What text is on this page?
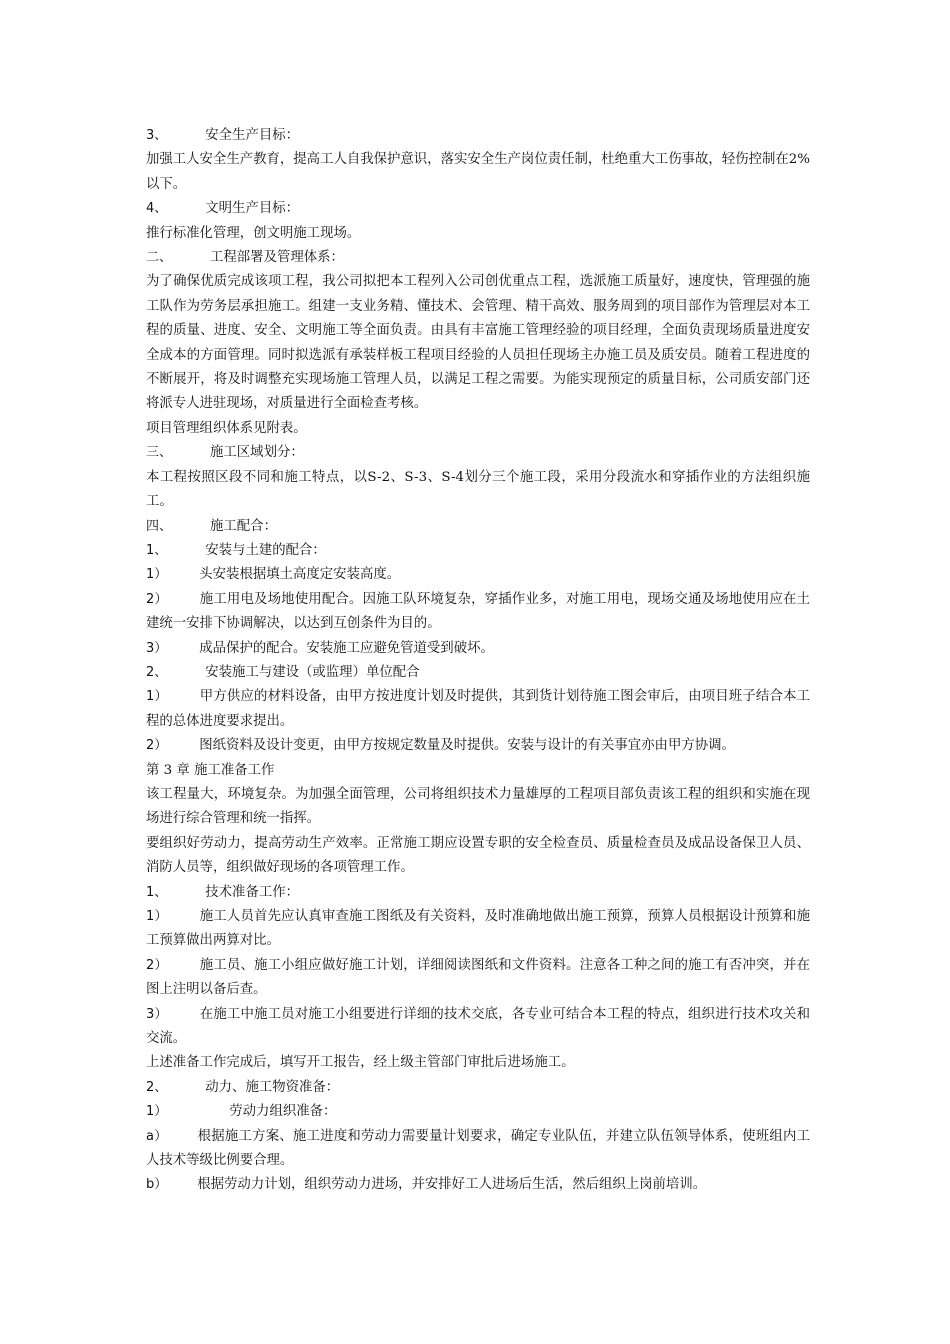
3、	安全生产目标：

加强工人安全生产教育，提高工人自我保护意识，落实安全生产岗位责任制，杜绝重大工伤事故，轻伤控制在2%以下。

4、	文明生产目标：

推行标准化管理，创文明施工现场。

二、	工程部署及管理体系：

为了确保优质完成该项工程，我公司拟把本工程列入公司创优重点工程，选派施工质量好，速度快，管理强的施工队作为劳务层承担施工。组建一支业务精、懂技术、会管理、精干高效、服务周到的项目部作为管理层对本工程的质量、进度、安全、文明施工等全面负责。由具有丰富施工管理经验的项目经理，全面负责现场质量进度安全成本的方面管理。同时拟选派有承装样板工程项目经验的人员担任现场主办施工员及质安员。随着工程进度的不断展开，将及时调整充实现场施工管理人员，以满足工程之需要。为能实现预定的质量目标，公司质安部门还将派专人进驻现场，对质量进行全面检查考核。

项目管理组织体系见附表。

三、	施工区域划分：

本工程按照区段不同和施工特点，以S-2、S-3、S-4划分三个施工段，采用分段流水和穿插作业的方法组织施工。

四、	施工配合：

1、	安装与土建的配合：

1） 头安装根据填土高度定安装高度。

2） 施工用电及场地使用配合。因施工队环境复杂，穿插作业多，对施工用电，现场交通及场地使用应在土建统一安排下协调解决，以达到互创条件为目的。

3） 成品保护的配合。安装施工应避免管道受到破坏。

2、	安装施工与建设（或监理）单位配合

1） 甲方供应的材料设备，由甲方按进度计划及时提供，其到货计划待施工图会审后，由项目班子结合本工程的总体进度要求提出。

2） 图纸资料及设计变更，由甲方按规定数量及时提供。安装与设计的有关事宜亦由甲方协调。

第 3 章 施工准备工作

该工程量大，环境复杂。为加强全面管理，公司将组织技术力量雄厚的工程项目部负责该工程的组织和实施在现场进行综合管理和统一指挥。

要组织好劳动力，提高劳动生产效率。正常施工期应设置专职的安全检查员、质量检查员及成品设备保卫人员、消防人员等，组织做好现场的各项管理工作。

1、	技术准备工作：

1） 施工人员首先应认真审查施工图纸及有关资料，及时准确地做出施工预算，预算人员根据设计预算和施工预算做出两算对比。

2） 施工员、施工小组应做好施工计划，详细阅读图纸和文件资料。注意各工种之间的施工有否冲突，并在图上注明以备后查。

3） 在施工中施工员对施工小组要进行详细的技术交底，各专业可结合本工程的特点，组织进行技术攻关和交流。

上述准备工作完成后，填写开工报告，经上级主管部门审批后进场施工。

2、	动力、施工物资准备：

1）	劳动力组织准备：

a） 根据施工方案、施工进度和劳动力需要量计划要求，确定专业队伍，并建立队伍领导体系，使班组内工人技术等级比例要合理。

b） 根据劳动力计划，组织劳动力进场，并安排好工人进场后生活，然后组织上岗前培训。
